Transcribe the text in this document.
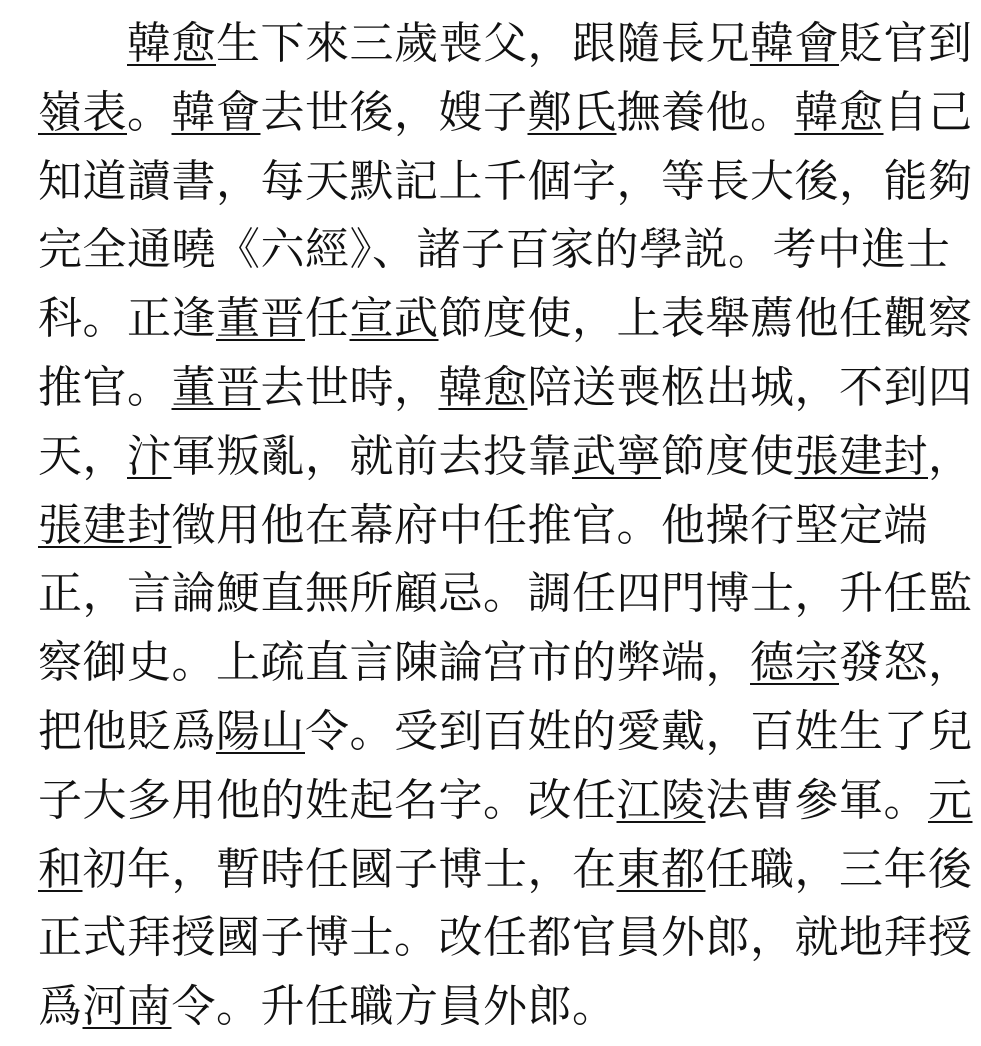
　　韓愈生下來三歲喪父，跟隨長兄韓會貶官到
嶺表。韓會去世後，嫂子鄭氏撫養他。韓愈自己
知道讀書，每天默記上千個字，等長大後，能夠
完全通曉《六經》、諸子百家的學説。考中進士
科。正逢董晋任宣武節度使，上表舉薦他任觀察
推官。董晋去世時，韓愈陪送喪柩出城，不到四
天，汴軍叛亂，就前去投靠武寧節度使張建封，
張建封徵用他在幕府中任推官。他操行堅定端
正，言論鯁直無所顧忌。調任四門博士，升任監
察御史。上疏直言陳論宫市的弊端，德宗發怒，
把他貶爲陽山令。受到百姓的愛戴，百姓生了兒
子大多用他的姓起名字。改任江陵法曹參軍。元
和初年，暫時任國子博士，在東都任職，三年後
正式拜授國子博士。改任都官員外郎，就地拜授
爲河南令。升任職方員外郎。
